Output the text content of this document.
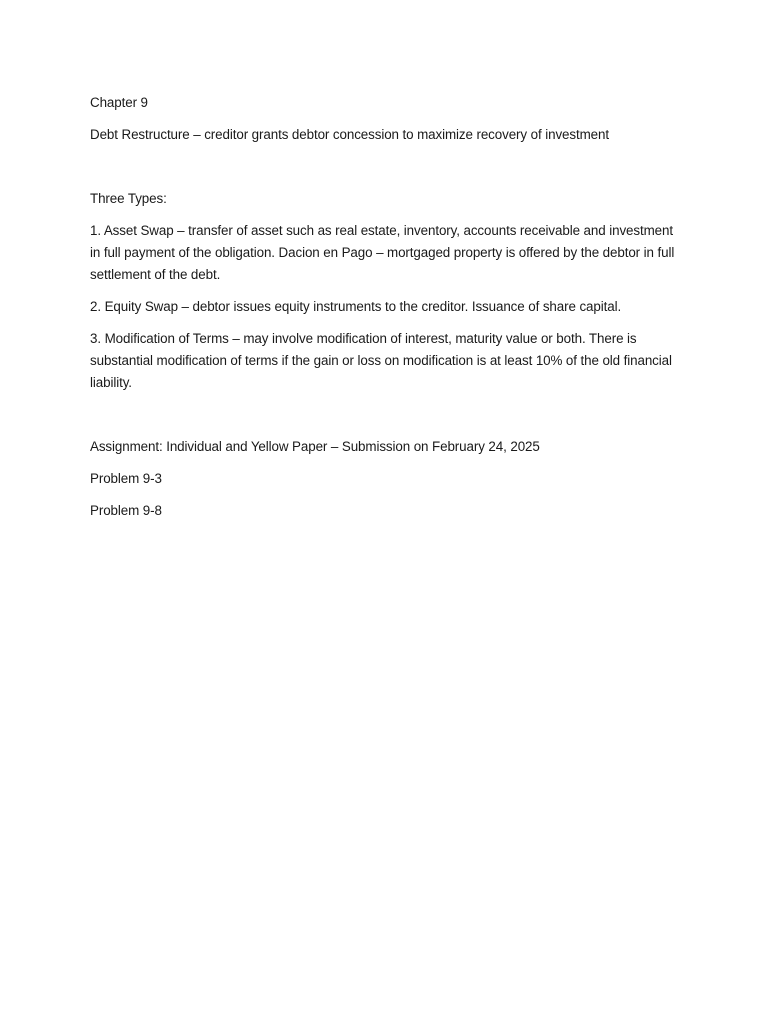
Chapter 9

Debt Restructure – creditor grants debtor concession to maximize recovery of investment

Three Types:

1. Asset Swap – transfer of asset such as real estate, inventory, accounts receivable and investment in full payment of the obligation. Dacion en Pago – mortgaged property is offered by the debtor in full settlement of the debt.

2. Equity Swap – debtor issues equity instruments to the creditor. Issuance of share capital.

3. Modification of Terms – may involve modification of interest, maturity value or both. There is substantial modification of terms if the gain or loss on modification is at least 10% of the old financial liability.

Assignment: Individual and Yellow Paper – Submission on February 24, 2025

Problem 9-3

Problem 9-8
